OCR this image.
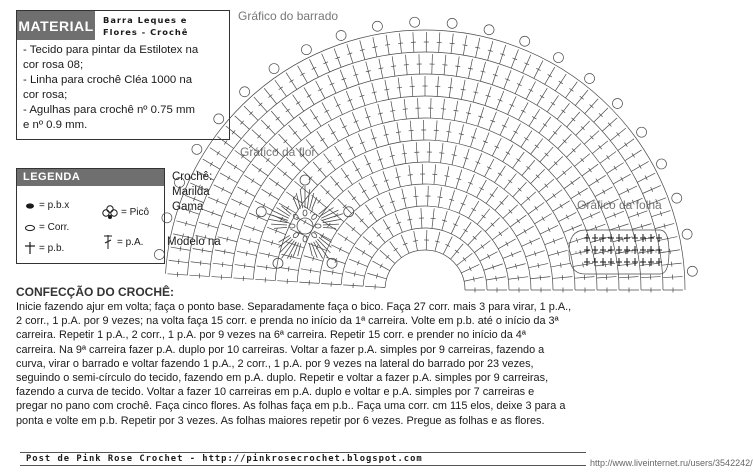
MATERIAL	Barra Leques e
Flores - Crochê
- Tecido para pintar da Estilotex na
cor rosa 08;
- Linha para crochê Cléa 1000 na
cor rosa;
- Agulhas para crochê nº 0.75 mm
e nº 0.9 mm.
LEGENDA
= p.b.x
= Picô
= Corr.
= p.A.
= p.b.
Crochê:
Marilda
Gama
Modelo na
Gráfico do barrado
Gráfico da flor
Gráfico da folha
CONFECÇÃO DO CROCHÊ:
Inicie fazendo ajur em volta; faça o ponto base. Separadamente faça o bico. Faça 27 corr. mais 3 para virar, 1 p.A.,
2 corr., 1 p.A. por 9 vezes; na volta faça 15 corr. e prenda no início da 1ª carreira. Volte em p.b. até o início da 3ª
carreira. Repetir 1 p.A., 2 corr., 1 p.A. por 9 vezes na 6ª carreira. Repetir 15 corr. e prender no início da 4ª
carreira. Na 9ª carreira fazer p.A. duplo por 10 carreiras. Voltar a fazer p.A. simples por 9 carreiras, fazendo a
curva, virar o barrado e voltar fazendo 1 p.A., 2 corr., 1 p.A. por 9 vezes na lateral do barrado por 23 vezes,
seguindo o semi-círculo do tecido, fazendo em p.A. duplo. Repetir e voltar a fazer p.A. simples por 9 carreiras,
fazendo a curva de tecido. Voltar a fazer 10 carreiras em p.A. duplo e voltar e p.A. simples por 7 carreiras e
pregar no pano com crochê. Faça cinco flores. As folhas faça em p.b.. Faça uma corr. cm 115 elos, deixe 3 para a
ponta e volte em p.b. Repetir por 3 vezes. As folhas maiores repetir por 6 vezes. Pregue as folhas e as flores.
Post de Pink Rose Crochet - http://pinkrosecrochet.blogspot.com	http://www.liveinternet.ru/users/3542242/
